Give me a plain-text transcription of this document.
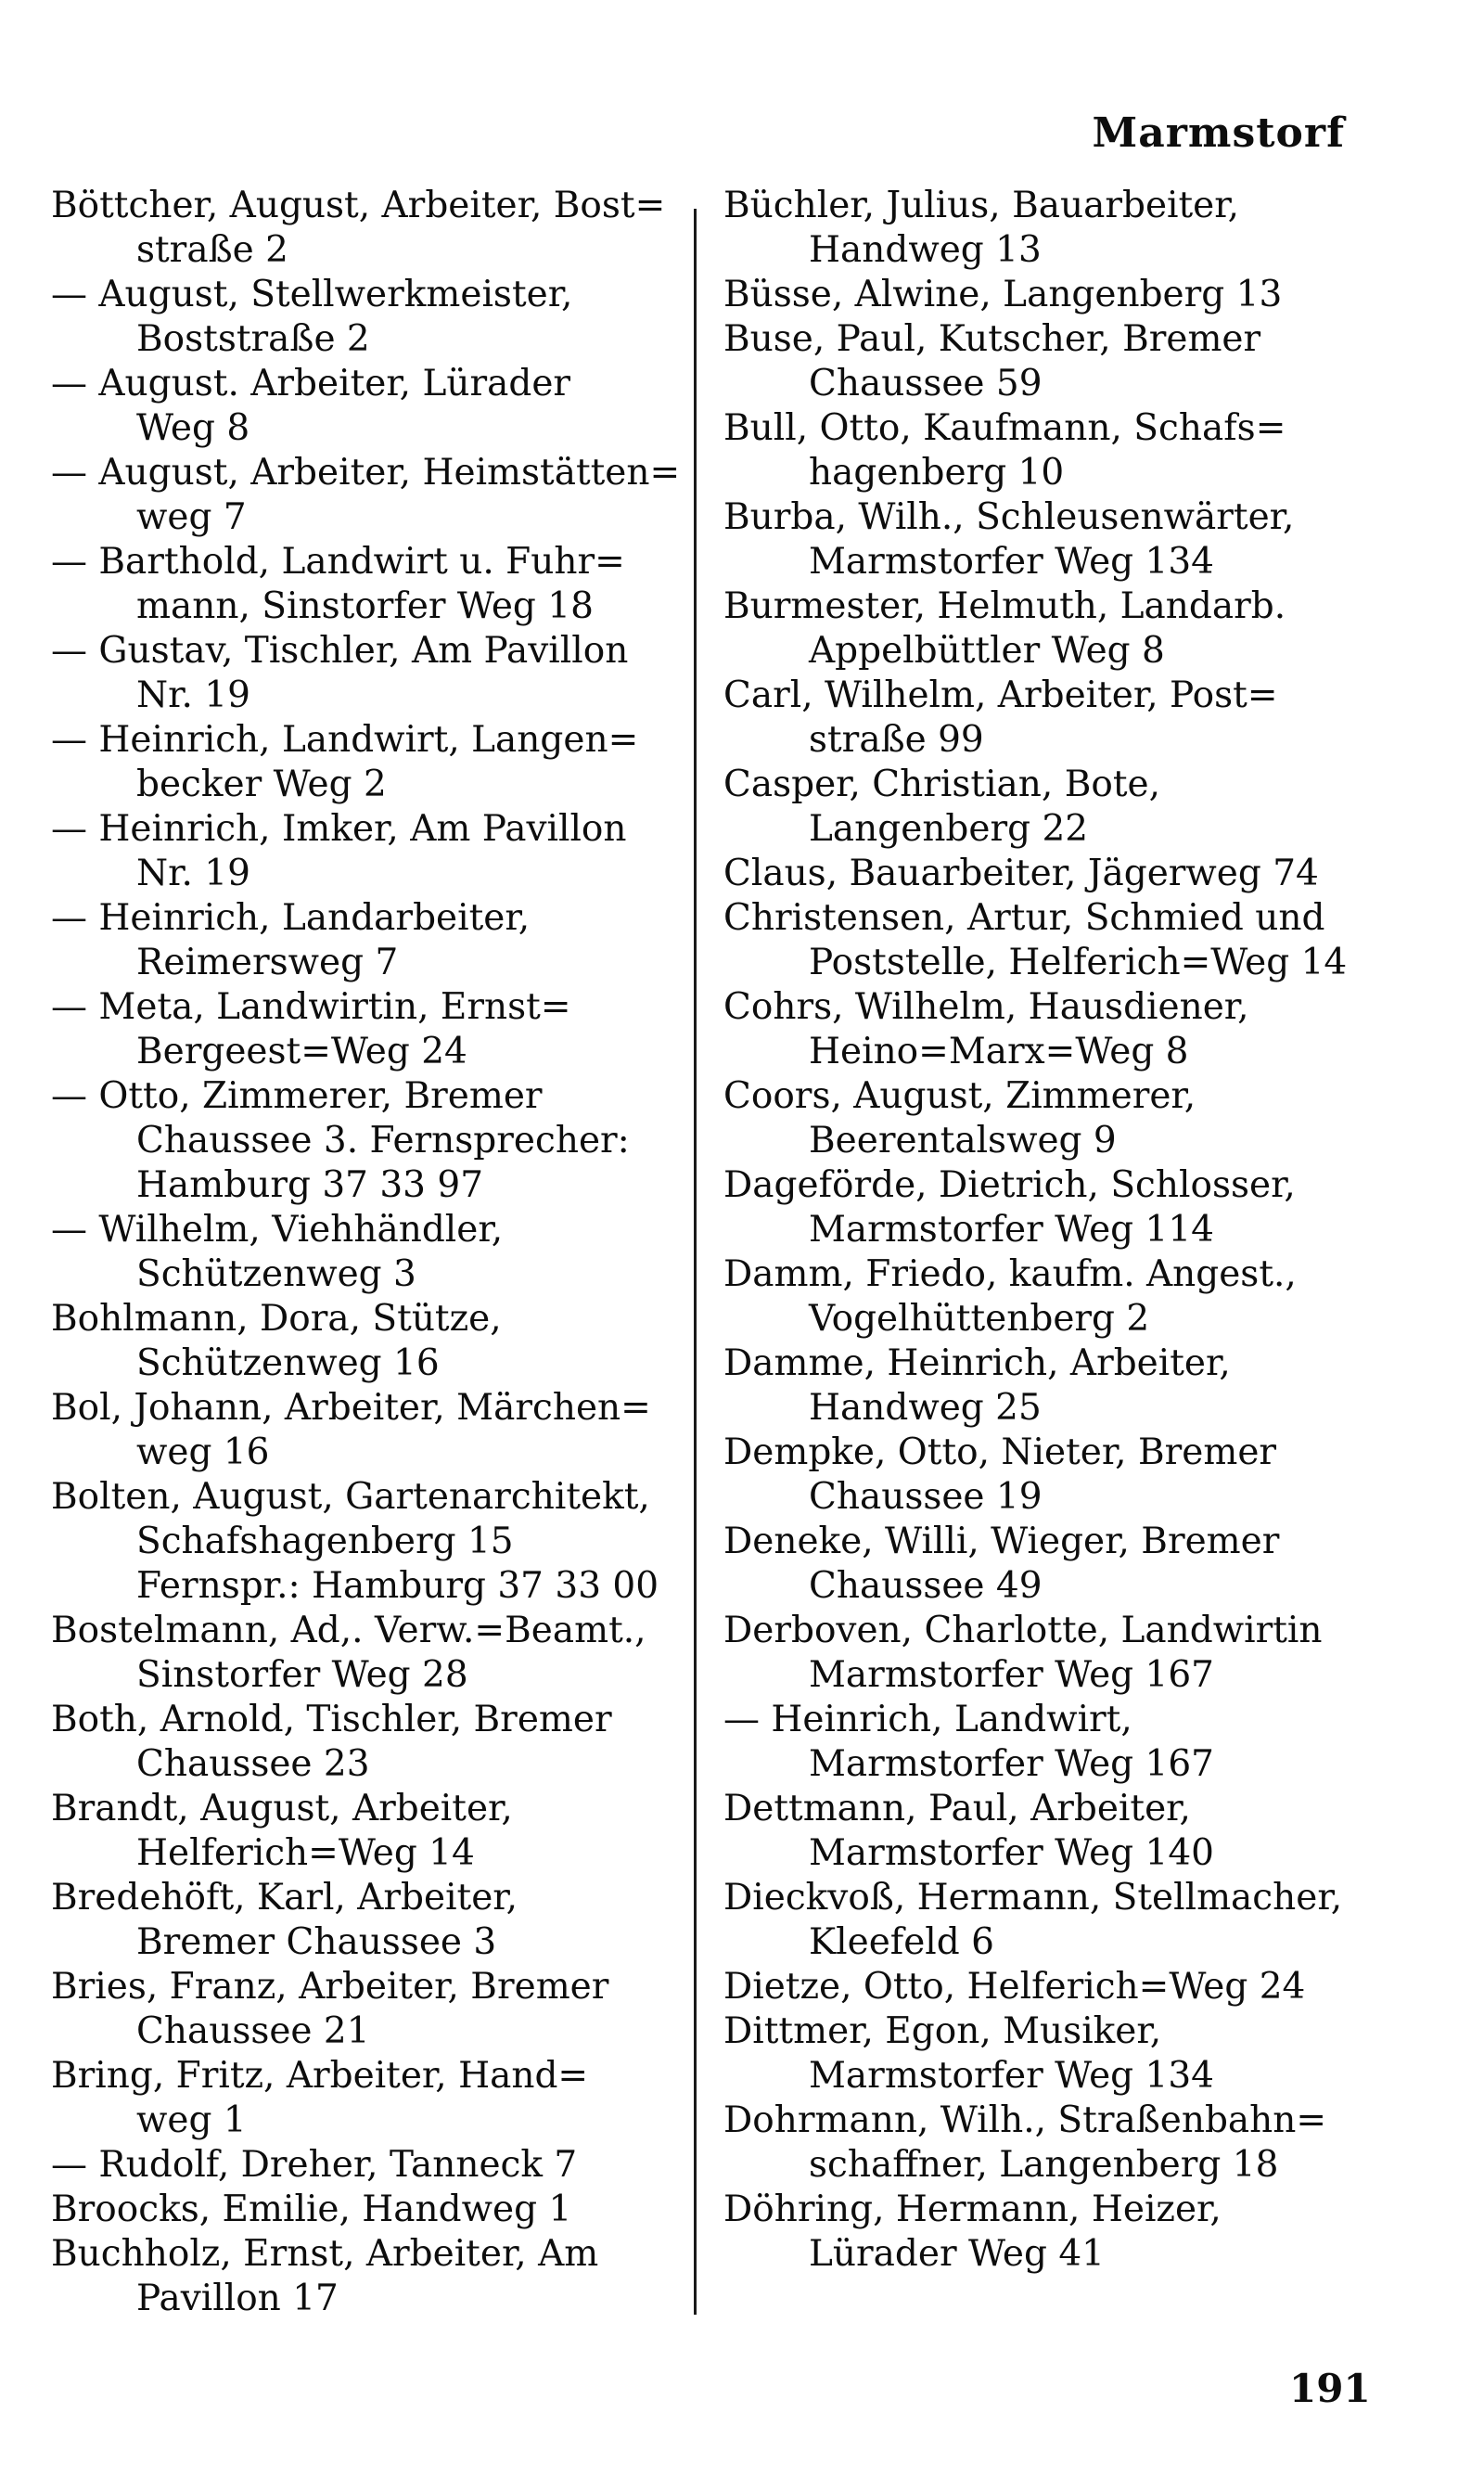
Marmstorf
Böttcher, August, Arbeiter, Bost=
straße 2
— August, Stellwerkmeister,
Boststraße 2
— August. Arbeiter, Lürader
Weg 8
— August, Arbeiter, Heimstätten=
weg 7
— Barthold, Landwirt u. Fuhr=
mann, Sinstorfer Weg 18
— Gustav, Tischler, Am Pavillon
Nr. 19
— Heinrich, Landwirt, Langen=
becker Weg 2
— Heinrich, Imker, Am Pavillon
Nr. 19
— Heinrich, Landarbeiter,
Reimersweg 7
— Meta, Landwirtin, Ernst=
Bergeest=Weg 24
— Otto, Zimmerer, Bremer
Chaussee 3. Fernsprecher:
Hamburg 37 33 97
— Wilhelm, Viehhändler,
Schützenweg 3
Bohlmann, Dora, Stütze,
Schützenweg 16
Bol, Johann, Arbeiter, Märchen=
weg 16
Bolten, August, Gartenarchitekt,
Schafshagenberg 15
Fernspr.: Hamburg 37 33 00
Bostelmann, Ad,. Verw.=Beamt.,
Sinstorfer Weg 28
Both, Arnold, Tischler, Bremer
Chaussee 23
Brandt, August, Arbeiter,
Helferich=Weg 14
Bredehöft, Karl, Arbeiter,
Bremer Chaussee 3
Bries, Franz, Arbeiter, Bremer
Chaussee 21
Bring, Fritz, Arbeiter, Hand=
weg 1
— Rudolf, Dreher, Tanneck 7
Broocks, Emilie, Handweg 1
Buchholz, Ernst, Arbeiter, Am
Pavillon 17
Büchler, Julius, Bauarbeiter,
Handweg 13
Büsse, Alwine, Langenberg 13
Buse, Paul, Kutscher, Bremer
Chaussee 59
Bull, Otto, Kaufmann, Schafs=
hagenberg 10
Burba, Wilh., Schleusenwärter,
Marmstorfer Weg 134
Burmester, Helmuth, Landarb.
Appelbüttler Weg 8
Carl, Wilhelm, Arbeiter, Post=
straße 99
Casper, Christian, Bote,
Langenberg 22
Claus, Bauarbeiter, Jägerweg 74
Christensen, Artur, Schmied und
Poststelle, Helferich=Weg 14
Cohrs, Wilhelm, Hausdiener,
Heino=Marx=Weg 8
Coors, August, Zimmerer,
Beerentalsweg 9
Dageförde, Dietrich, Schlosser,
Marmstorfer Weg 114
Damm, Friedo, kaufm. Angest.,
Vogelhüttenberg 2
Damme, Heinrich, Arbeiter,
Handweg 25
Dempke, Otto, Nieter, Bremer
Chaussee 19
Deneke, Willi, Wieger, Bremer
Chaussee 49
Derboven, Charlotte, Landwirtin
Marmstorfer Weg 167
— Heinrich, Landwirt,
Marmstorfer Weg 167
Dettmann, Paul, Arbeiter,
Marmstorfer Weg 140
Dieckvoß, Hermann, Stellmacher,
Kleefeld 6
Dietze, Otto, Helferich=Weg 24
Dittmer, Egon, Musiker,
Marmstorfer Weg 134
Dohrmann, Wilh., Straßenbahn=
schaffner, Langenberg 18
Döhring, Hermann, Heizer,
Lürader Weg 41
191
